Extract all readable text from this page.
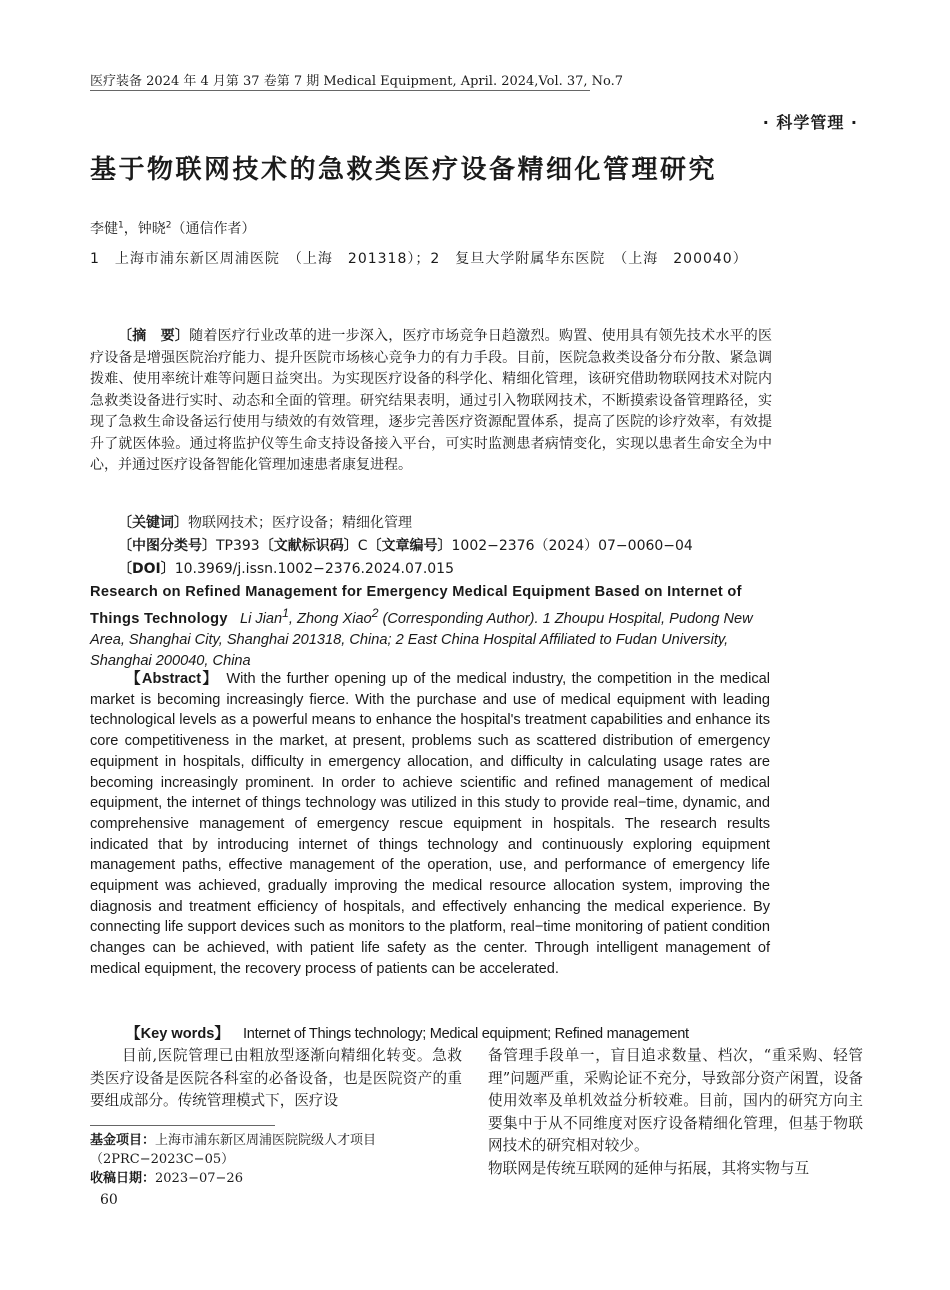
医疗装备 2024 年 4 月第 37 卷第 7 期 Medical Equipment, April. 2024,Vol. 37, No.7
· 科学管理 ·
基于物联网技术的急救类医疗设备精细化管理研究
李健$^1$，钟晓$^2$（通信作者）
1　上海市浦东新区周浦医院　（上海　201318）；2　复旦大学附属华东医院　（上海　200040）
〔摘　要〕随着医疗行业改革的进一步深入，医疗市场竞争日趋激烈。购置、使用具有领先技术水平的医疗设备是增强医院治疗能力、提升医院市场核心竞争力的有力手段。目前，医院急救类设备分布分散、紧急调拨难、使用率统计难等问题日益突出。为实现医疗设备的科学化、精细化管理，该研究借助物联网技术对院内急救类设备进行实时、动态和全面的管理。研究结果表明，通过引入物联网技术，不断摸索设备管理路径，实现了急救生命设备运行使用与绩效的有效管理，逐步完善医疗资源配置体系，提高了医院的诊疗效率，有效提升了就医体验。通过将监护仪等生命支持设备接入平台，可实时监测患者病情变化，实现以患者生命安全为中心，并通过医疗设备智能化管理加速患者康复进程。
〔关键词〕物联网技术；医疗设备；精细化管理
〔中图分类号〕TP393〔文献标识码〕C〔文章编号〕1002−2376（2024）07−0060−04
〔DOI〕10.3969/j.issn.1002−2376.2024.07.015
Research on Refined Management for Emergency Medical Equipment Based on Internet of Things Technology Li Jian$^1$, Zhong Xiao$^2$ (Corresponding Author). 1 Zhoupu Hospital, Pudong New Area, Shanghai City, Shanghai 201318, China; 2 East China Hospital Affiliated to Fudan University, Shanghai 200040, China
【Abstract】 With the further opening up of the medical industry, the competition in the medical market is becoming increasingly fierce. With the purchase and use of medical equipment with leading technological levels as a powerful means to enhance the hospital's treatment capabilities and enhance its core competitiveness in the market, at present, problems such as scattered distribution of emergency equipment in hospitals, difficulty in emergency allocation, and difficulty in calculating usage rates are becoming increasingly prominent. In order to achieve scientific and refined management of medical equipment, the internet of things technology was utilized in this study to provide real−time, dynamic, and comprehensive management of emergency rescue equipment in hospitals. The research results indicated that by introducing internet of things technology and continuously exploring equipment management paths, effective management of the operation, use, and performance of emergency life equipment was achieved, gradually improving the medical resource allocation system, improving the diagnosis and treatment efficiency of hospitals, and effectively enhancing the medical experience. By connecting life support devices such as monitors to the platform, real−time monitoring of patient condition changes can be achieved, with patient life safety as the center. Through intelligent management of medical equipment, the recovery process of patients can be accelerated.
【Key words】 Internet of Things technology; Medical equipment; Refined management
目前,医院管理已由粗放型逐渐向精细化转变。急救类医疗设备是医院各科室的必备设备，也是医院资产的重要组成部分。传统管理模式下，医疗设

备管理手段单一，盲目追求数量、档次，“重采购、轻管理”问题严重，采购论证不充分，导致部分资产闲置，设备使用效率及单机效益分析较难。目前，国内的研究方向主要集中于从不同维度对医疗设备精细化管理，但基于物联网技术的研究相对较少。

物联网是传统互联网的延伸与拓展，其将实物与互

基金项目：上海市浦东新区周浦医院院级人才项目（2PRC−2023C−05）
收稿日期：2023−07−26
60
